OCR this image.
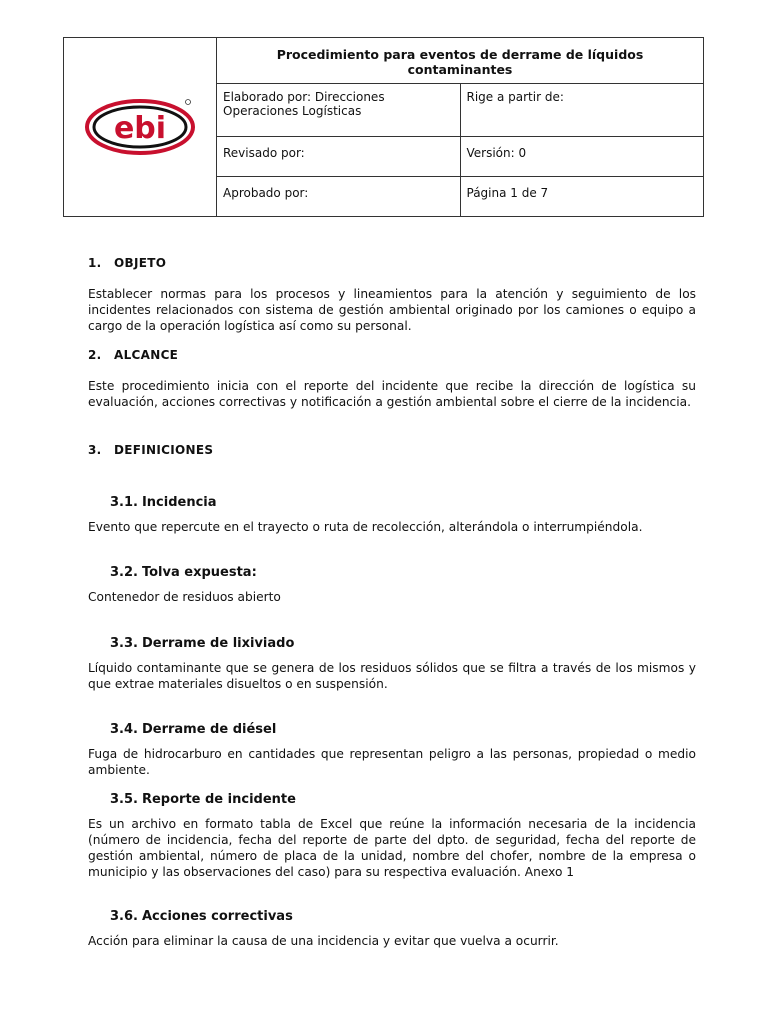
ebi	Procedimiento para eventos de derrame de líquidos contaminantes	
	Elaborado por: Direcciones Operaciones Logísticas	Rige a partir de:
	Revisado por:	Versión: 0
	Aprobado por:	Página 1 de 7
1. OBJETO
Establecer normas para los procesos y lineamientos para la atención y seguimiento de los incidentes relacionados con sistema de gestión ambiental originado por los camiones o equipo a cargo de la operación logística así como su personal.
2. ALCANCE
Este procedimiento inicia con el reporte del incidente que recibe la dirección de logística su evaluación, acciones correctivas y notificación a gestión ambiental sobre el cierre de la incidencia.
3. DEFINICIONES
3.1. Incidencia
Evento que repercute en el trayecto o ruta de recolección, alterándola o interrumpiéndola.
3.2. Tolva expuesta:
Contenedor de residuos abierto
3.3. Derrame de lixiviado
Líquido contaminante que se genera de los residuos sólidos que se filtra a través de los mismos y que extrae materiales disueltos o en suspensión.
3.4. Derrame de diésel
Fuga de hidrocarburo en cantidades que representan peligro a las personas, propiedad o medio ambiente.
3.5. Reporte de incidente
Es un archivo en formato tabla de Excel que reúne la información necesaria de la incidencia (número de incidencia, fecha del reporte de parte del dpto. de seguridad, fecha del reporte de gestión ambiental, número de placa de la unidad, nombre del chofer, nombre de la empresa o municipio y las observaciones del caso) para su respectiva evaluación. Anexo 1
3.6. Acciones correctivas
Acción para eliminar la causa de una incidencia y evitar que vuelva a ocurrir.
